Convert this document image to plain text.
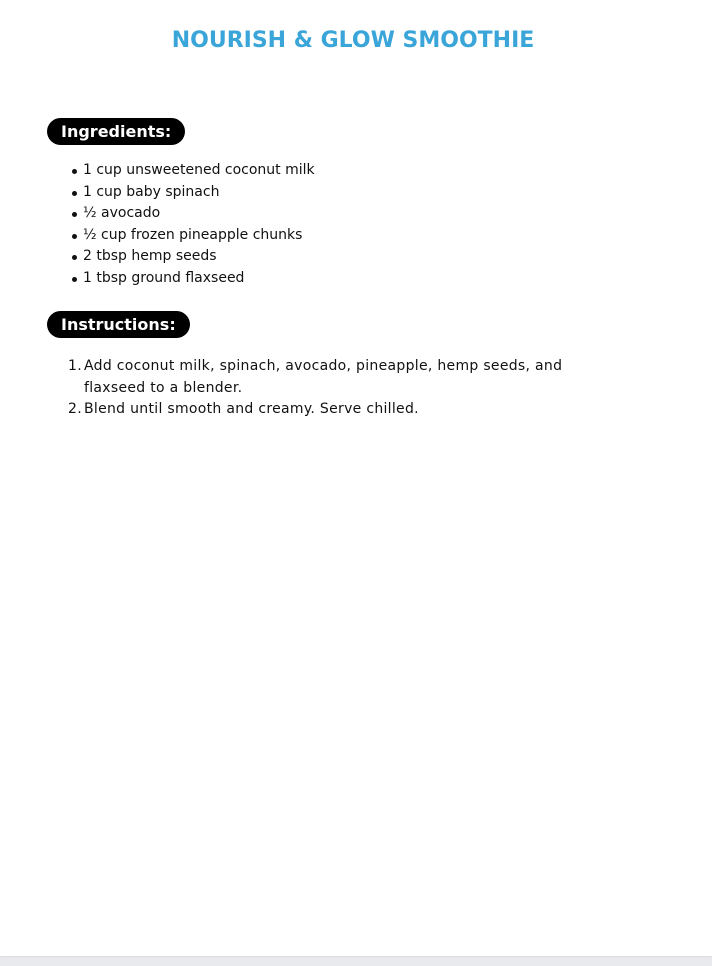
NOURISH & GLOW SMOOTHIE
Ingredients:
1 cup unsweetened coconut milk
1 cup baby spinach
½ avocado
½ cup frozen pineapple chunks
2 tbsp hemp seeds
1 tbsp ground flaxseed
Instructions:
1. Add coconut milk, spinach, avocado, pineapple, hemp seeds, and flaxseed to a blender.
2. Blend until smooth and creamy. Serve chilled.
